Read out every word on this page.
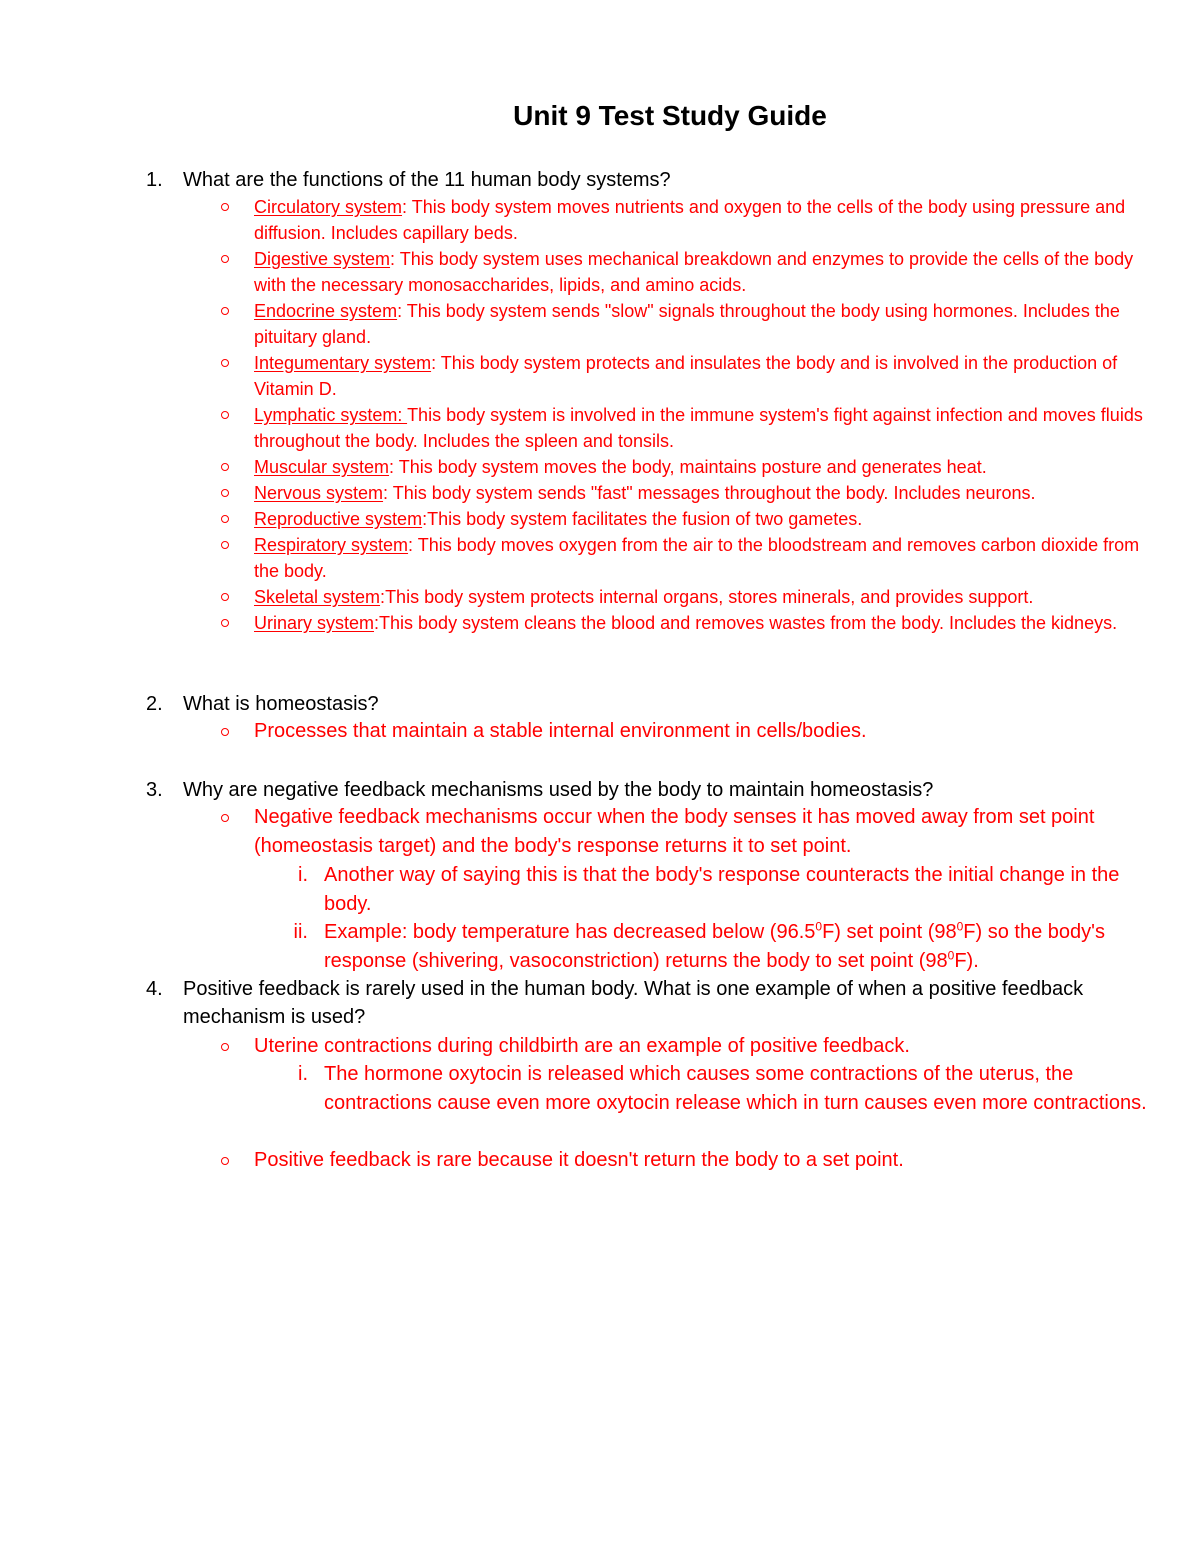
Unit 9 Test Study Guide
1. What are the functions of the 11 human body systems?
Circulatory system: This body system moves nutrients and oxygen to the cells of the body using pressure and diffusion. Includes capillary beds.
Digestive system: This body system uses mechanical breakdown and enzymes to provide the cells of the body with the necessary monosaccharides, lipids, and amino acids.
Endocrine system: This body system sends "slow" signals throughout the body using hormones. Includes the pituitary gland.
Integumentary system: This body system protects and insulates the body and is involved in the production of Vitamin D.
Lymphatic system: This body system is involved in the immune system's fight against infection and moves fluids throughout the body. Includes the spleen and tonsils.
Muscular system: This body system moves the body, maintains posture and generates heat.
Nervous system: This body system sends "fast" messages throughout the body. Includes neurons.
Reproductive system:This body system facilitates the fusion of two gametes.
Respiratory system: This body moves oxygen from the air to the bloodstream and removes carbon dioxide from the body.
Skeletal system:This body system protects internal organs, stores minerals, and provides support.
Urinary system:This body system cleans the blood and removes wastes from the body. Includes the kidneys.
2. What is homeostasis?
Processes that maintain a stable internal environment in cells/bodies.
3. Why are negative feedback mechanisms used by the body to maintain homeostasis?
Negative feedback mechanisms occur when the body senses it has moved away from set point (homeostasis target) and the body's response returns it to set point.
i. Another way of saying this is that the body's response counteracts the initial change in the body.
ii. Example: body temperature has decreased below (96.5$^0$F) set point $(98^0F)$ so the body's response (shivering, vasoconstriction) returns the body to set point $(98^0F)$.
4.	Positive feedback is rarely used in the human body. What is one example of when a positive feedback mechanism is used?
Uterine contractions during childbirth are an example of positive feedback.
i. The hormone oxytocin is released which causes some contractions of the uterus, the contractions cause even more oxytocin release which in turn causes even more contractions.
Positive feedback is rare because it doesn't return the body to a set point.
